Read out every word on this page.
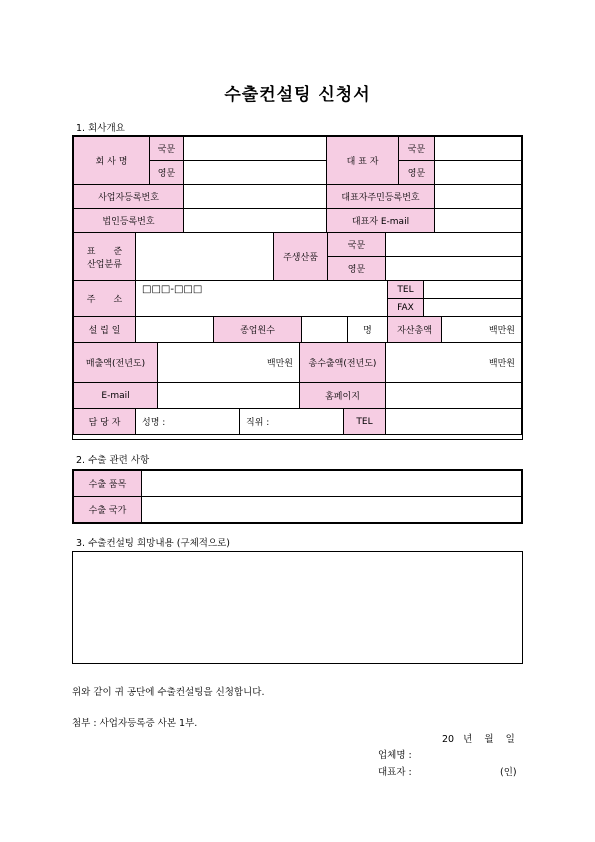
수출컨설팅 신청서
1. 회사개요
회 사 명	국문		대 표 자	국문	
	영문			영문	
사업자등록번호			대표자주민등록번호		
법인등록번호			대표자 E-mail		
표　　준
산업분류		주생산품	국문	
			영문	
주　　소	□□□-□□□	TEL	
		FAX	
설 립 일		종업원수		명	자산총액	백만원
매출액(전년도)	백만원	총수출액(전년도)	백만원
E-mail		홈페이지	
담 당 자	성명 :	직위 :	TEL	
2. 수출 관련 사항
수출 품목	
수출 국가	
3. 수출컨설팅 희망내용 (구체적으로)
위와 같이 귀 공단에 수출컨설팅을 신청합니다.
첨부 : 사업자등록증 사본 1부.
20   년    월    일
업체명 :
대표자 :	(인)
